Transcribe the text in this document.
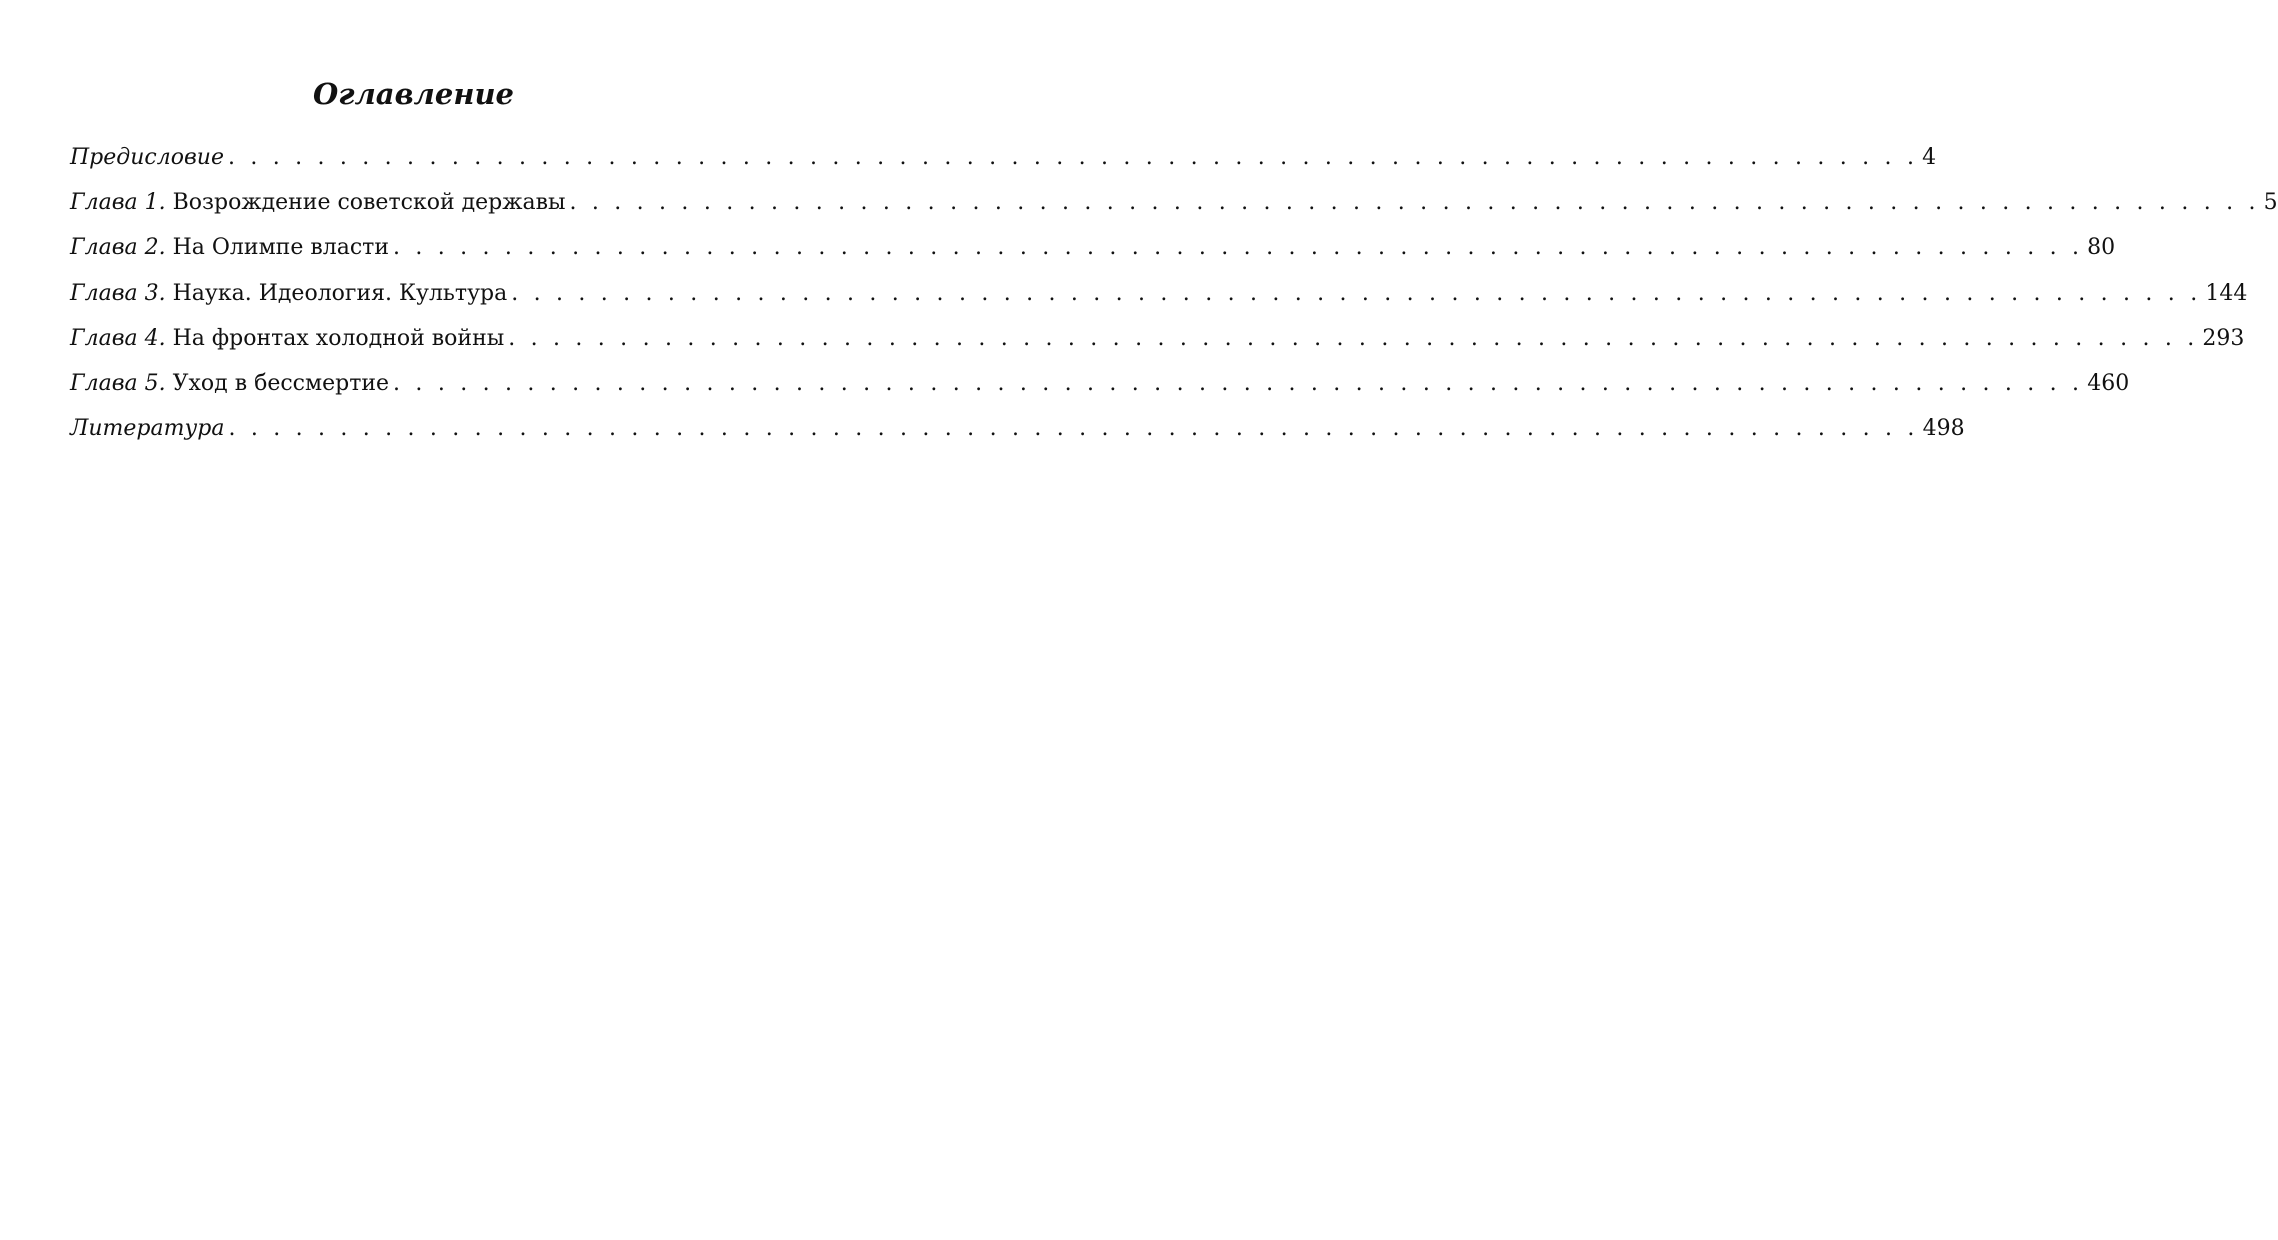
Оглавление
Предисловие . . . . . . . . . . . . . . . . . . . . . . . . . . . . . . . . . . . . . . . . . . . . . . . . . . . . . . . . . . . . . . . . . . . . . . . . . . . . 4
Глава 1. Возрождение советской державы . . . . . . . . . . . . . . . . . . . . . . . . . . . . . . . . . . . . . . . . . . . . . . . . . . . . . . . . . . . . . . . . . . . . . . . . . . . . 5
Глава 2. На Олимпе власти . . . . . . . . . . . . . . . . . . . . . . . . . . . . . . . . . . . . . . . . . . . . . . . . . . . . . . . . . . . . . . . . . . . . . . . . . . . . 80
Глава 3. Наука. Идеология. Культура . . . . . . . . . . . . . . . . . . . . . . . . . . . . . . . . . . . . . . . . . . . . . . . . . . . . . . . . . . . . . . . . . . . . . . . . . . . . 144
Глава 4. На фронтах холодной войны . . . . . . . . . . . . . . . . . . . . . . . . . . . . . . . . . . . . . . . . . . . . . . . . . . . . . . . . . . . . . . . . . . . . . . . . . . . . 293
Глава 5. Уход в бессмертие . . . . . . . . . . . . . . . . . . . . . . . . . . . . . . . . . . . . . . . . . . . . . . . . . . . . . . . . . . . . . . . . . . . . . . . . . . . . 460
Литература . . . . . . . . . . . . . . . . . . . . . . . . . . . . . . . . . . . . . . . . . . . . . . . . . . . . . . . . . . . . . . . . . . . . . . . . . . . . 498
